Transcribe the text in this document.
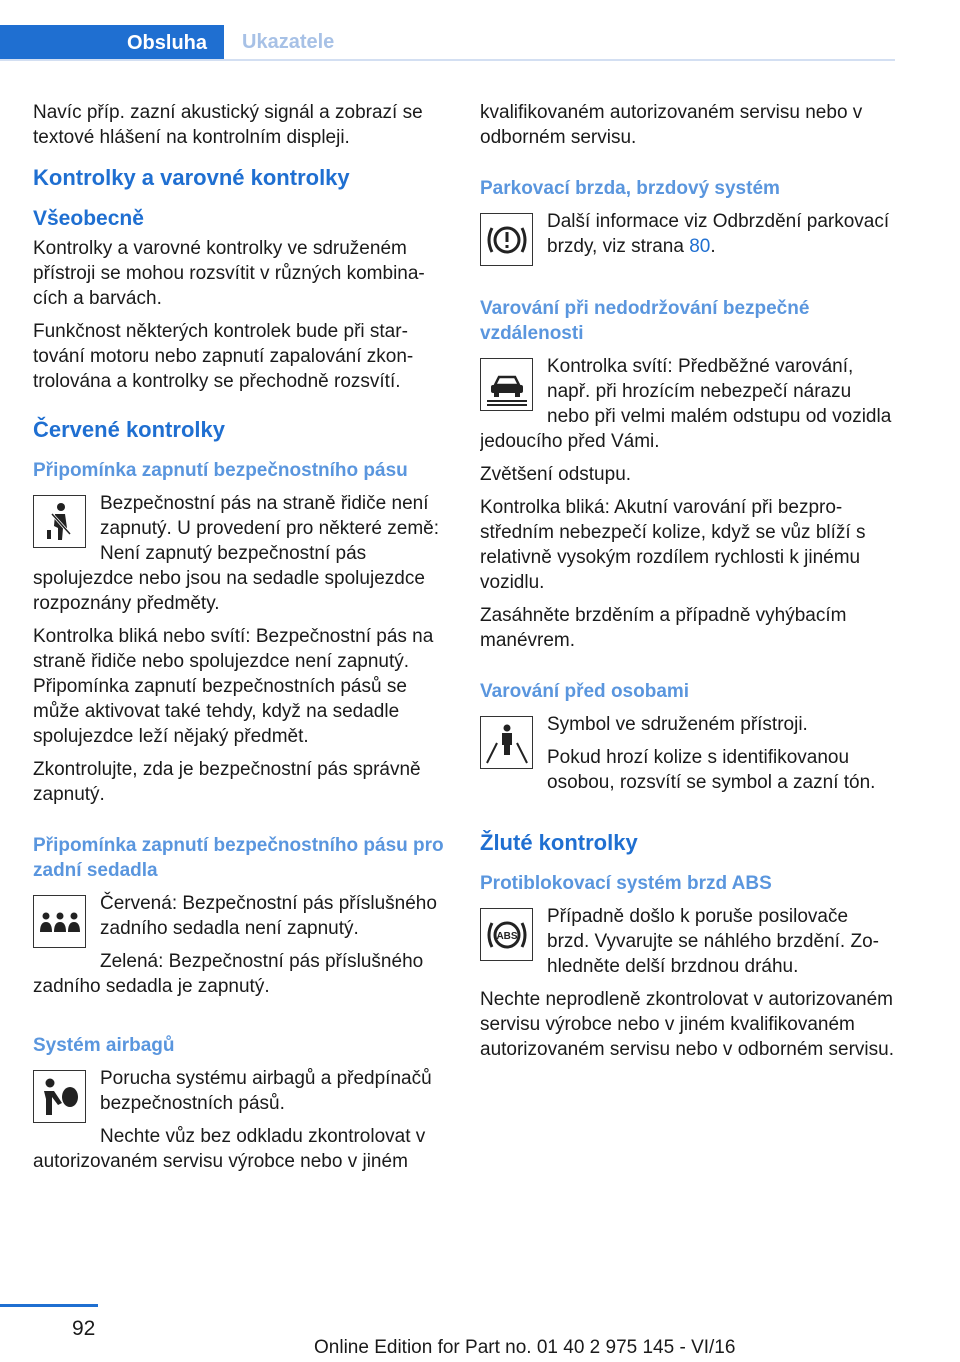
Obsluha	Ukazatele

Navíc příp. zazní akustický signál a zobrazí se textové hlášení na kontrolním displeji.

Kontrolky a varovné kontrolky
Všeobecně

Kontrolky a varovné kontrolky ve sdruženém přístroji se mohou rozsvítit v různých kombinacích a barvách.

Funkčnost některých kontrolek bude při startování motoru nebo zapnutí zapalování zkontrolována a kontrolky se přechodně rozsvítí.

Červené kontrolky
Připomínka zapnutí bezpečnostního pásu

Bezpečnostní pás na straně řidiče není zapnutý. U provedení pro některé země: Není zapnutý bezpečnostní pás spolujezdce nebo jsou na sedadle spolujezdce rozpoznány předměty.

Kontrolka bliká nebo svítí: Bezpečnostní pás na straně řidiče nebo spolujezdce není zapnutý. Připomínka zapnutí bezpečnostních pásů se může aktivovat také tehdy, když na sedadle spolujezdce leží nějaký předmět.

Zkontrolujte, zda je bezpečnostní pás správně zapnutý.

Připomínka zapnutí bezpečnostního pásu pro zadní sedadla

Červená: Bezpečnostní pás příslušného zadního sedadla není zapnutý.

Zelená: Bezpečnostní pás příslušného zadního sedadla je zapnutý.

Systém airbagů

Porucha systému airbagů a předpínačů bezpečnostních pásů.

Nechte vůz bez odkladu zkontrolovat v autorizovaném servisu výrobce nebo v jiném

kvalifikovaném autorizovaném servisu nebo v odborném servisu.

Parkovací brzda, brzdový systém

Další informace viz Odbrzdění parkovací brzdy, viz strana 80.

Varování při nedodržování bezpečné vzdálenosti

Kontrolka svítí: Předběžné varování, např. při hrozícím nebezpečí nárazu nebo při velmi malém odstupu od vozidla jedoucího před Vámi.

Zvětšení odstupu.

Kontrolka bliká: Akutní varování při bezprostředním nebezpečí kolize, když se vůz blíží s relativně vysokým rozdílem rychlosti k jinému vozidlu.

Zasáhněte brzděním a případně vyhýbacím manévrem.

Varování před osobami

Symbol ve sdruženém přístroji.

Pokud hrozí kolize s identifikovanou osobou, rozsvítí se symbol a zazní tón.

Žluté kontrolky
Protiblokovací systém brzd ABS
ABS

Případně došlo k poruše posilovače brzd. Vyvarujte se náhlého brzdění. Zohledněte delší brzdnou dráhu.

Nechte neprodleně zkontrolovat v autorizovaném servisu výrobce nebo v jiném kvalifikovaném autorizovaném servisu nebo v odborném servisu.

92
Online Edition for Part no. 01 40 2 975 145 - VI/16
